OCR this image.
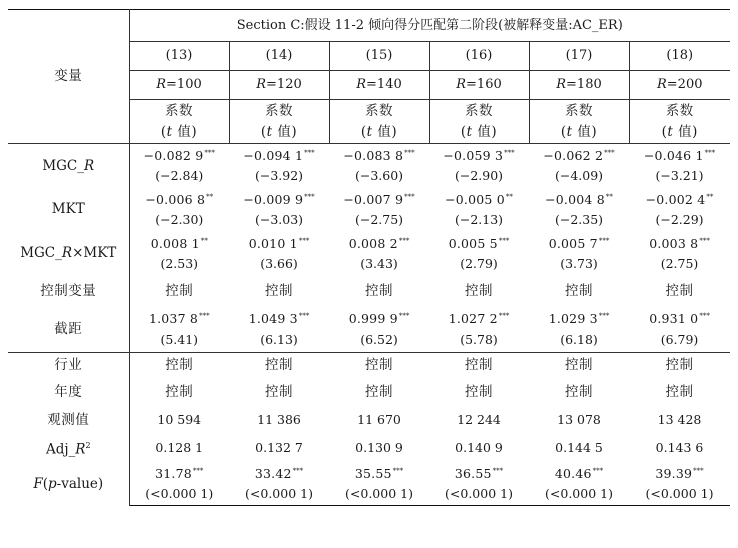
变量	Section C:假设 11-2 倾向得分匹配第二阶段(被解释变量:AC_ER)					
	(13)	(14)	(15)	(16)	(17)	(18)
	R=100	R=120	R=140	R=160	R=180	R=200
	系数	系数	系数	系数	系数	系数
	(t 值)	(t 值)	(t 值)	(t 值)	(t 值)	(t 值)
MGC_R	−0.082 9***	−0.094 1***	−0.083 8***	−0.059 3***	−0.062 2***	−0.046 1***
	(−2.84)	(−3.92)	(−3.60)	(−2.90)	(−4.09)	(−3.21)
MKT	−0.006 8**	−0.009 9***	−0.007 9***	−0.005 0**	−0.004 8**	−0.002 4**
	(−2.30)	(−3.03)	(−2.75)	(−2.13)	(−2.35)	(−2.29)
MGC_R×MKT	0.008 1**	0.010 1***	0.008 2***	0.005 5***	0.005 7***	0.003 8***
	(2.53)	(3.66)	(3.43)	(2.79)	(3.73)	(2.75)
控制变量	控制	控制	控制	控制	控制	控制
截距	1.037 8***	1.049 3***	0.999 9***	1.027 2***	1.029 3***	0.931 0***
	(5.41)	(6.13)	(6.52)	(5.78)	(6.18)	(6.79)
行业	控制	控制	控制	控制	控制	控制
年度	控制	控制	控制	控制	控制	控制
观测值	10 594	11 386	11 670	12 244	13 078	13 428
$Adj\_R^2$	0.128 1	0.132 7	0.130 9	0.140 9	0.144 5	0.143 6
F(p-value)	31.78***	33.42***	35.55***	36.55***	40.46***	39.39***
	(<0.000 1)	(<0.000 1)	(<0.000 1)	(<0.000 1)	(<0.000 1)	(<0.000 1)
